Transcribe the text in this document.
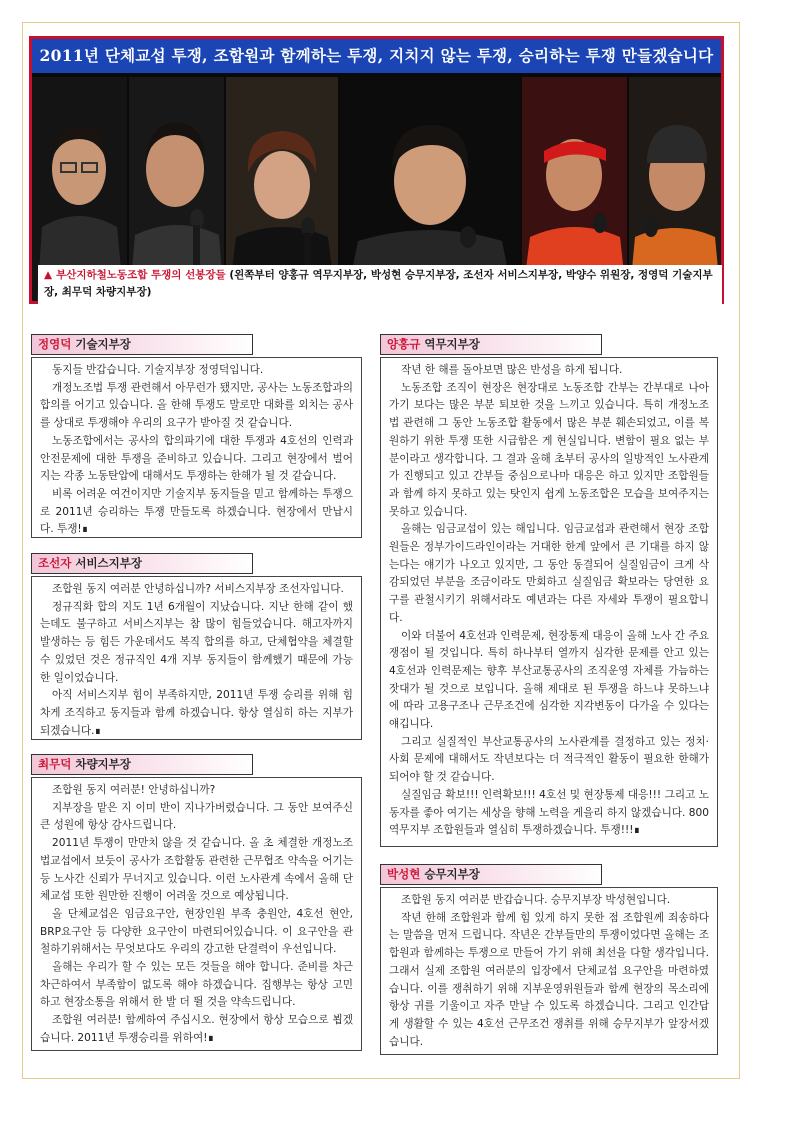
2011년 단체교섭 투쟁, 조합원과 함께하는 투쟁, 지치지 않는 투쟁, 승리하는 투쟁 만들겠습니다
▲ 부산지하철노동조합 투쟁의 선봉장들 (왼쪽부터 양홍규 역무지부장, 박성현 승무지부장, 조선자 서비스지부장, 박양수 위원장, 정영덕 기술지부장, 최무덕 차량지부장)
정영덕 기술지부장

동지들 반갑습니다. 기술지부장 정영덕입니다.

개정노조법 투쟁 관련해서 아무런가 됐지만, 공사는 노동조합과의 합의를 어기고 있습니다. 올 한해 투쟁도 말로만 대화를 외치는 공사를 상대로 투쟁해야 우리의 요구가 받아질 것 같습니다.

노동조합에서는 공사의 합의파기에 대한 투쟁과 4호선의 인력과 안전문제에 대한 투쟁을 준비하고 있습니다. 그리고 현장에서 벌어지는 각종 노동탄압에 대해서도 투쟁하는 한해가 될 것 같습니다.

비록 어려운 여건이지만 기술지부 동지들을 믿고 함께하는 투쟁으로 2011년 승리하는 투쟁 만들도록 하겠습니다. 현장에서 만납시다. 투쟁!∎

조선자 서비스지부장

조합원 동지 여러분 안녕하십니까? 서비스지부장 조선자입니다.

정규직화 합의 지도 1년 6개월이 지났습니다. 지난 한해 같이 했는데도 불구하고 서비스지부는 참 많이 힘들었습니다. 해고자까지 발생하는 등 힘든 가운데서도 복직 합의를 하고, 단체협약을 체결할 수 있었던 것은 정규직인 4개 지부 동지들이 함께했기 때문에 가능한 일이었습니다.

아직 서비스지부 힘이 부족하지만, 2011년 투쟁 승리를 위해 힘차게 조직하고 동지들과 함께 하겠습니다. 항상 열심히 하는 지부가 되겠습니다.∎

최무덕 차량지부장

조합원 동지 여러분! 안녕하십니까?

지부장을 맡은 지 이미 반이 지나가버렸습니다. 그 동안 보여주신 큰 성원에 항상 감사드립니다.

2011년 투쟁이 만만치 않을 것 같습니다. 올 초 체결한 개정노조법교섭에서 보듯이 공사가 조합활동 관련한 근무협조 약속을 어기는 등 노사간 신뢰가 무너지고 있습니다. 이런 노사관계 속에서 올해 단체교섭 또한 원만한 진행이 어려울 것으로 예상됩니다.

올 단체교섭은 임금요구안, 현장인원 부족 충원안, 4호선 현안, BRP요구안 등 다양한 요구안이 마련되어있습니다. 이 요구안을 관철하기위해서는 무엇보다도 우리의 강고한 단결력이 우선입니다.

올해는 우리가 할 수 있는 모든 것들을 해야 합니다. 준비를 차근차근하여서 부족함이 없도록 해야 하겠습니다. 집행부는 항상 고민하고 현장소통을 위해서 한 발 더 뛸 것을 약속드립니다.

조합원 여러분! 함께하여 주십시오. 현장에서 항상 모습으로 뵙겠습니다. 2011년 투쟁승리를 위하여!∎

양홍규 역무지부장

작년 한 해를 돌아보면 많은 반성을 하게 됩니다.

노동조합 조직이 현장은 현장대로 노동조합 간부는 간부대로 나아가기 보다는 많은 부분 퇴보한 것을 느끼고 있습니다. 특히 개정노조법 관련해 그 동안 노동조합 활동에서 많은 부분 훼손되었고, 이를 복원하기 위한 투쟁 또한 시급함은 게 현실입니다. 변함이 필요 없는 부분이라고 생각합니다. 그 결과 올해 초부터 공사의 일방적인 노사관계가 진행되고 있고 간부들 중심으로나마 대응은 하고 있지만 조합원들과 함께 하지 못하고 있는 탓인지 쉽게 노동조합은 모습을 보여주지는 못하고 있습니다.

올해는 임금교섭이 있는 해입니다. 임금교섭과 관련해서 현장 조합원들은 정부가이드라인이라는 거대한 한계 앞에서 큰 기대를 하지 않는다는 얘기가 나오고 있지만, 그 동안 동결되어 실질임금이 크게 삭감되었던 부분을 조금이라도 만회하고 실질임금 확보라는 당연한 요구를 관철시키기 위해서라도 예년과는 다른 자세와 투쟁이 필요합니다.

이와 더불어 4호선과 인력문제, 현장통제 대응이 올해 노사 간 주요쟁점이 될 것입니다. 특히 하나부터 열까지 심각한 문제를 안고 있는 4호선과 인력문제는 향후 부산교통공사의 조직운영 자체를 가늠하는 잣대가 될 것으로 보입니다. 올해 제대로 된 투쟁을 하느냐 못하느냐에 따라 고용구조나 근무조건에 심각한 지각변동이 다가올 수 있다는 얘깁니다.

그리고 실질적인 부산교통공사의 노사관계를 결정하고 있는 정치·사회 문제에 대해서도 작년보다는 더 적극적인 활동이 필요한 한해가 되어야 할 것 같습니다.

실질임금 확보!!! 인력확보!!! 4호선 및 현장통제 대응!!! 그리고 노동자를 좋아 여기는 세상을 향해 노력을 게을리 하지 않겠습니다. 800 역무지부 조합원들과 열심히 투쟁하겠습니다. 투쟁!!!∎

박성현 승무지부장

조합원 동지 여러분 반갑습니다. 승무지부장 박성현입니다.

작년 한해 조합원과 함께 힘 있게 하지 못한 점 조합원께 죄송하다는 말씀을 먼저 드립니다. 작년은 간부들만의 투쟁이었다면 올해는 조합원과 함께하는 투쟁으로 만들어 가기 위해 최선을 다할 생각입니다. 그래서 실제 조합원 여러분의 입장에서 단체교섭 요구안을 마련하였습니다. 이를 쟁취하기 위해 지부운영위원들과 함께 현장의 목소리에 항상 귀를 기울이고 자주 만날 수 있도록 하겠습니다. 그리고 인간답게 생활할 수 있는 4호선 근무조건 쟁취를 위해 승무지부가 앞장서겠습니다.
